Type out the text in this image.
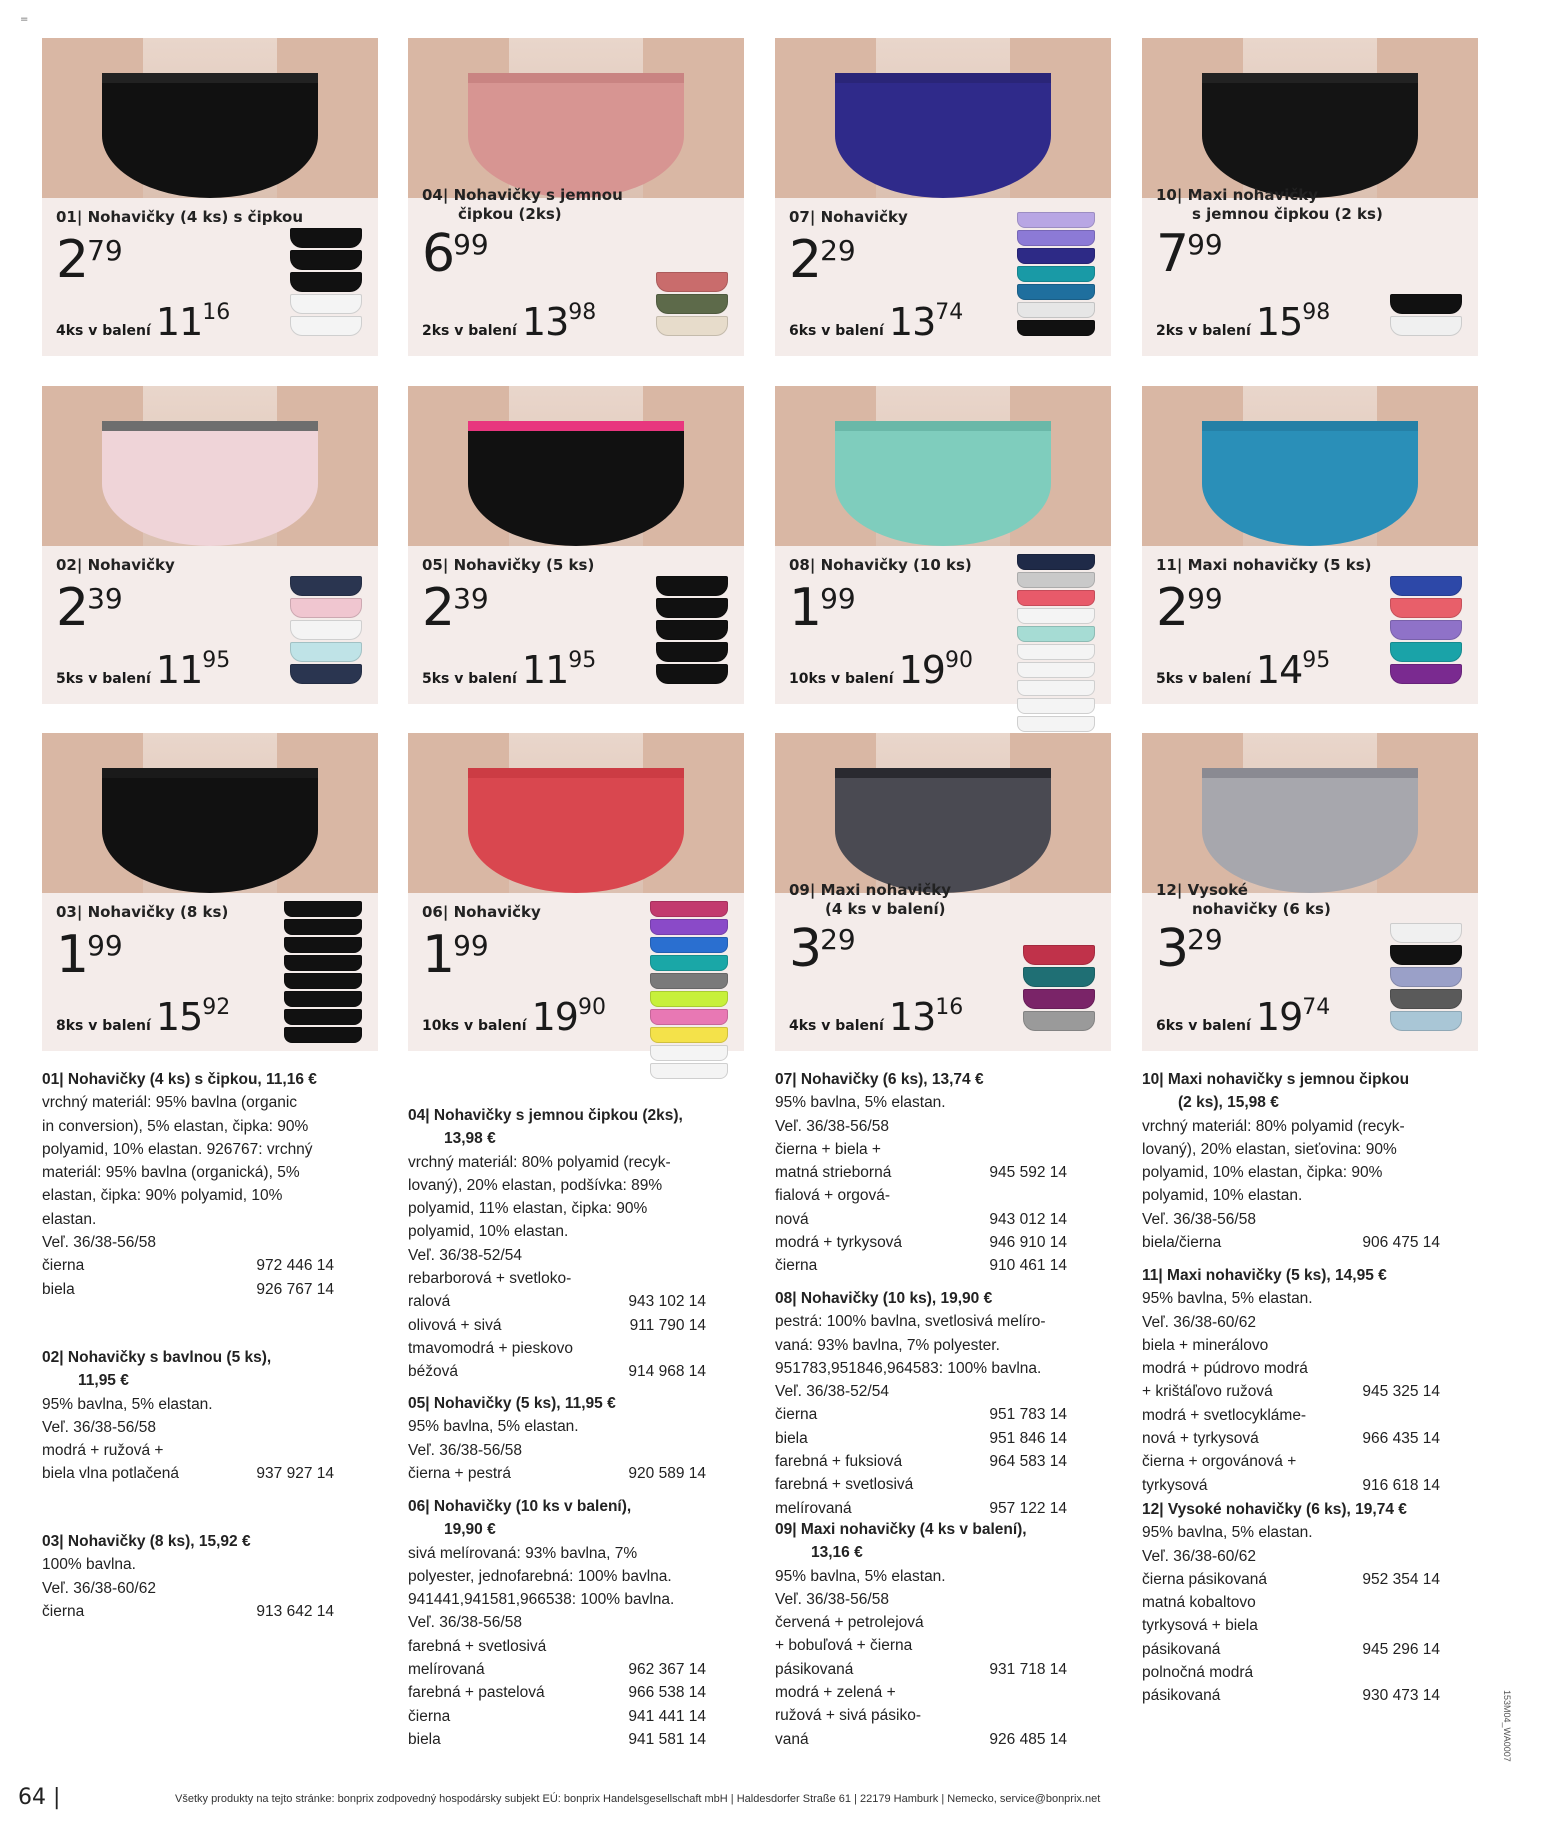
=
01| Nohavičky (4 ks) s čipkou
279
4ks v balení 1116
04| Nohavičky s jemnou
čipkou (2ks)
699
2ks v balení 1398
07| Nohavičky
229
6ks v balení 1374
10| Maxi nohavičky
s jemnou čipkou (2 ks)
799
2ks v balení 1598
02| Nohavičky
239
5ks v balení 1195
05| Nohavičky (5 ks)
239
5ks v balení 1195
08| Nohavičky (10 ks)
199
10ks v balení 1990
11| Maxi nohavičky (5 ks)
299
5ks v balení 1495
03| Nohavičky (8 ks)
199
8ks v balení 1592
06| Nohavičky
199
10ks v balení 1990
09| Maxi nohavičky
(4 ks v balení)
329
4ks v balení 1316
12| Vysoké
nohavičky (6 ks)
329
6ks v balení 1974
01| Nohavičky (4 ks) s čipkou, 11,16 €
vrchný materiál: 95% bavlna (organic
in conversion), 5% elastan, čipka: 90%
polyamid, 10% elastan. 926767: vrchný
materiál: 95% bavlna (organická), 5%
elastan, čipka: 90% polyamid, 10%
elastan.
Veľ. 36/38-56/58
čierna	972 446 14
biela	926 767 14
02| Nohavičky s bavlnou (5 ks),
11,95 €
95% bavlna, 5% elastan.
Veľ. 36/38-56/58
modrá + ružová +
biela vlna potlačená	937 927 14
03| Nohavičky (8 ks), 15,92 €
100% bavlna.
Veľ. 36/38-60/62
čierna	913 642 14
04| Nohavičky s jemnou čipkou (2ks),
13,98 €
vrchný materiál: 80% polyamid (recyk-
lovaný), 20% elastan, podšívka: 89%
polyamid, 11% elastan, čipka: 90%
polyamid, 10% elastan.
Veľ. 36/38-52/54
rebarborová + svetloko-
ralová	943 102 14
olivová + sivá	911 790 14
tmavomodrá + pieskovo
béžová	914 968 14
05| Nohavičky (5 ks), 11,95 €
95% bavlna, 5% elastan.
Veľ. 36/38-56/58
čierna + pestrá	920 589 14
06| Nohavičky (10 ks v balení),
19,90 €
sivá melírovaná: 93% bavlna, 7%
polyester, jednofarebná: 100% bavlna.
941441,941581,966538: 100% bavlna.
Veľ. 36/38-56/58
farebná + svetlosivá
melírovaná	962 367 14
farebná + pastelová	966 538 14
čierna	941 441 14
biela	941 581 14
07| Nohavičky (6 ks), 13,74 €
95% bavlna, 5% elastan.
Veľ. 36/38-56/58
čierna + biela +
matná strieborná	945 592 14
fialová + orgová-
nová	943 012 14
modrá + tyrkysová	946 910 14
čierna	910 461 14
08| Nohavičky (10 ks), 19,90 €
pestrá: 100% bavlna, svetlosivá melíro-
vaná: 93% bavlna, 7% polyester.
951783,951846,964583: 100% bavlna.
Veľ. 36/38-52/54
čierna	951 783 14
biela	951 846 14
farebná + fuksiová	964 583 14
farebná + svetlosivá
melírovaná	957 122 14
09| Maxi nohavičky (4 ks v balení),
13,16 €
95% bavlna, 5% elastan.
Veľ. 36/38-56/58
červená + petrolejová
+ bobuľová + čierna
pásikovaná	931 718 14
modrá + zelená +
ružová + sivá pásiko-
vaná	926 485 14
10| Maxi nohavičky s jemnou čipkou
(2 ks), 15,98 €
vrchný materiál: 80% polyamid (recyk-
lovaný), 20% elastan, sieťovina: 90%
polyamid, 10% elastan, čipka: 90%
polyamid, 10% elastan.
Veľ. 36/38-56/58
biela/čierna	906 475 14
11| Maxi nohavičky (5 ks), 14,95 €
95% bavlna, 5% elastan.
Veľ. 36/38-60/62
biela + minerálovo
modrá + púdrovo modrá
+ krištáľovo ružová	945 325 14
modrá + svetlocykláme-
nová + tyrkysová	966 435 14
čierna + orgovánová +
tyrkysová	916 618 14
12| Vysoké nohavičky (6 ks), 19,74 €
95% bavlna, 5% elastan.
Veľ. 36/38-60/62
čierna pásikovaná	952 354 14
matná kobaltovo
tyrkysová + biela
pásikovaná	945 296 14
polnočná modrá
pásikovaná	930 473 14
64 |	Všetky produkty na tejto stránke: bonprix zodpovedný hospodársky subjekt EÚ: bonprix Handelsgesellschaft mbH | Haldesdorfer Straße 61 | 22179 Hamburk | Nemecko, service@bonprix.net
153M04_WA0007
